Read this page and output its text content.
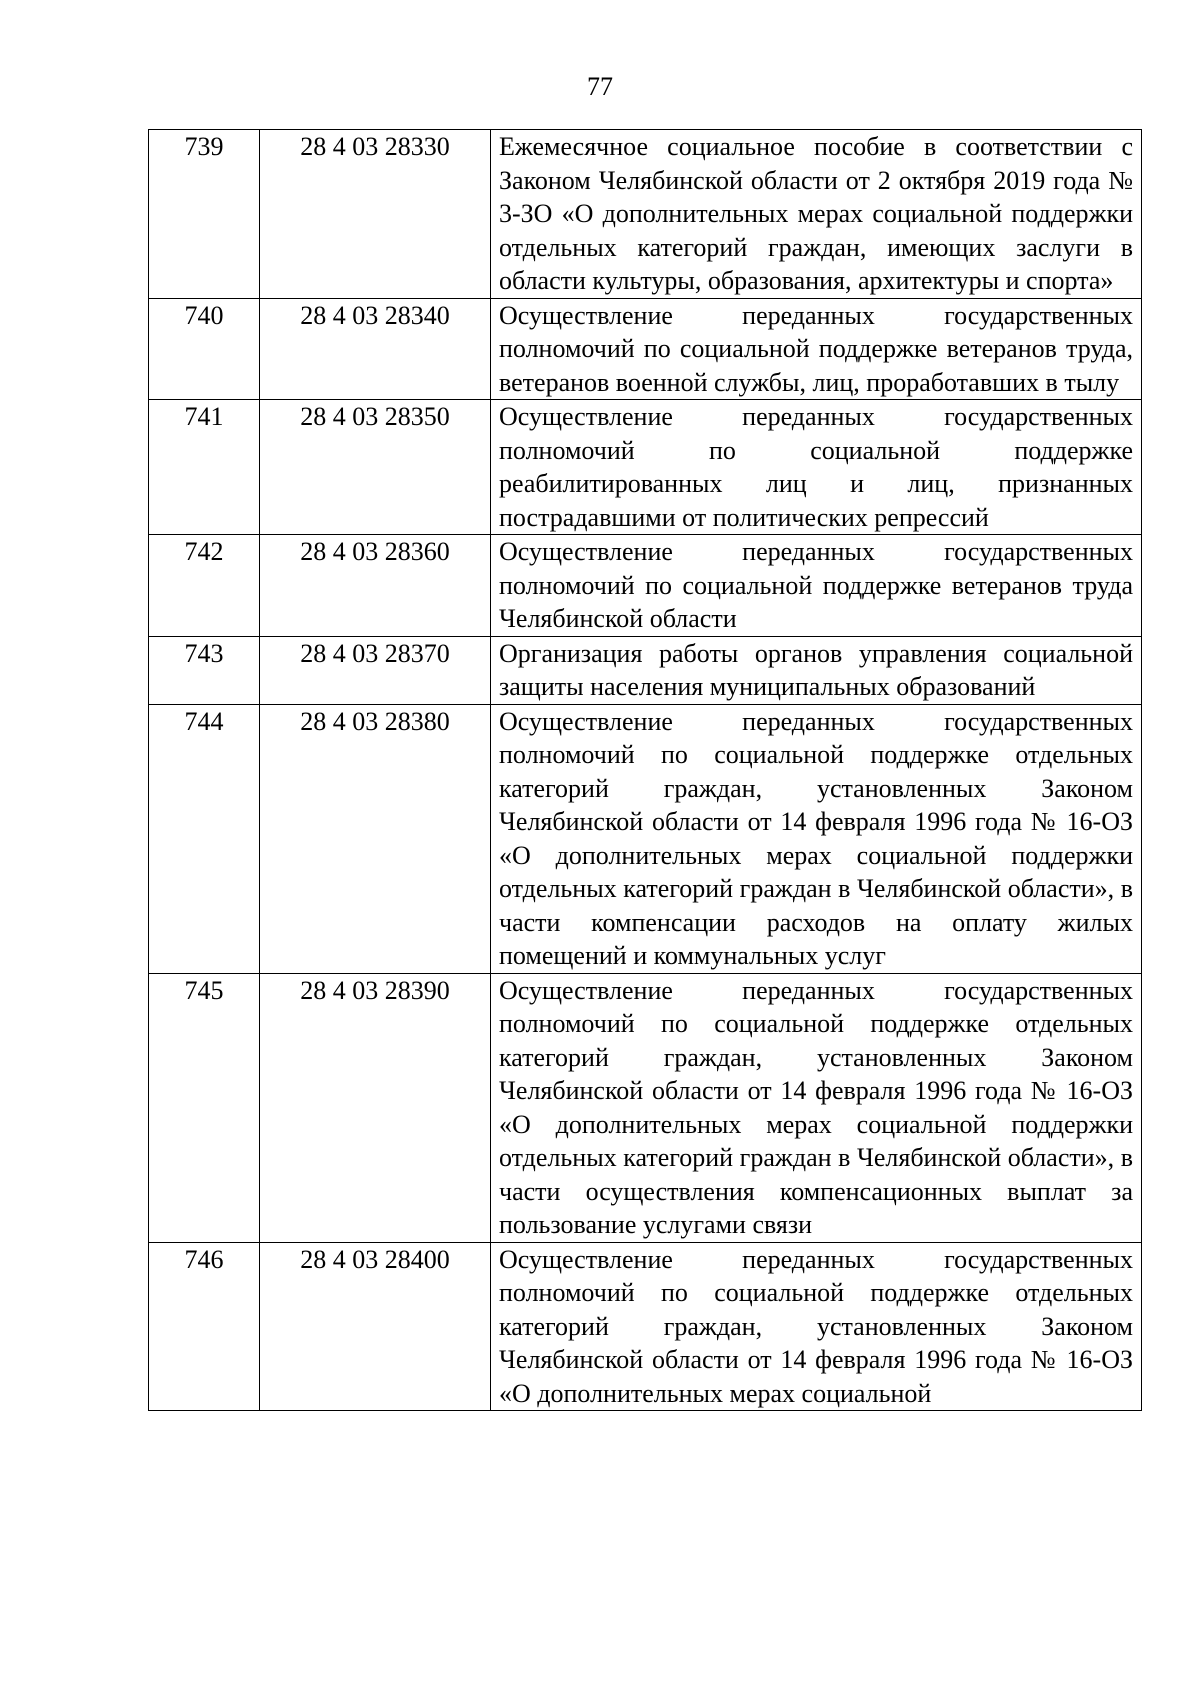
77
739	28 4 03 28330	Ежемесячное социальное пособие в соответствии с Законом Челябинской области от 2 октября 2019 года № 3-ЗО «О дополнительных мерах социальной поддержки отдельных категорий граждан, имеющих заслуги в области культуры, образования, архитектуры и спорта»
740	28 4 03 28340	Осуществление переданных государственных полномочий по социальной поддержке ветеранов труда, ветеранов военной службы, лиц, проработавших в тылу
741	28 4 03 28350	Осуществление переданных государственных полномочий по социальной поддержке реабилитированных лиц и лиц, признанных пострадавшими от политических репрессий
742	28 4 03 28360	Осуществление переданных государственных полномочий по социальной поддержке ветеранов труда Челябинской области
743	28 4 03 28370	Организация работы органов управления социальной защиты населения муниципальных образований
744	28 4 03 28380	Осуществление переданных государственных полномочий по социальной поддержке отдельных категорий граждан, установленных Законом Челябинской области от 14 февраля 1996 года № 16-ОЗ «О дополнительных мерах социальной поддержки отдельных категорий граждан в Челябинской области», в части компенсации расходов на оплату жилых помещений и коммунальных услуг
745	28 4 03 28390	Осуществление переданных государственных полномочий по социальной поддержке отдельных категорий граждан, установленных Законом Челябинской области от 14 февраля 1996 года № 16-ОЗ «О дополнительных мерах социальной поддержки отдельных категорий граждан в Челябинской области», в части осуществления компенсационных выплат за пользование услугами связи
746	28 4 03 28400	Осуществление переданных государственных полномочий по социальной поддержке отдельных категорий граждан, установленных Законом Челябинской области от 14 февраля 1996 года № 16-ОЗ «О дополнительных мерах социальной
